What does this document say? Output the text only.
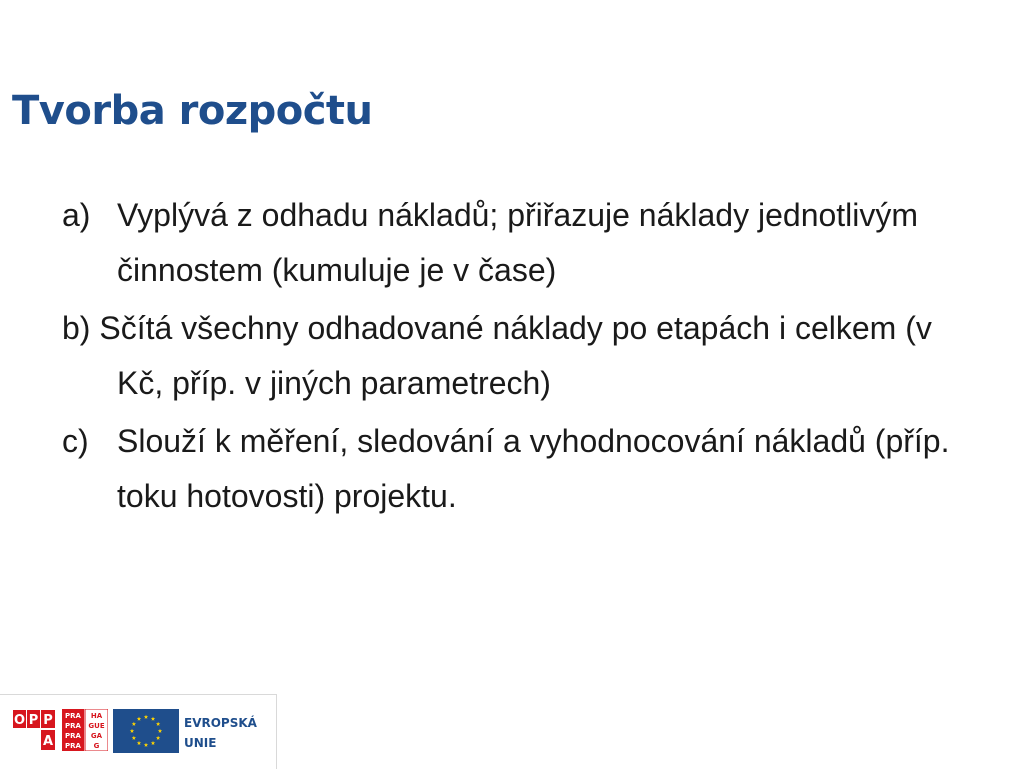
Tvorba rozpočtu
a) Vyplývá z odhadu nákladů; přiřazuje náklady jednotlivým činnostem (kumuluje je v čase)
b) Sčítá všechny odhadované náklady po etapách i celkem (v Kč, příp. v jiných parametrech)
c) Slouží k měření, sledování a vyhodnocování nákladů (příp. toku hotovosti) projektu.
O P P
A
PRA HA
PRA GUE
PRA GA
PRA G
EVROPSKÁ
UNIE
